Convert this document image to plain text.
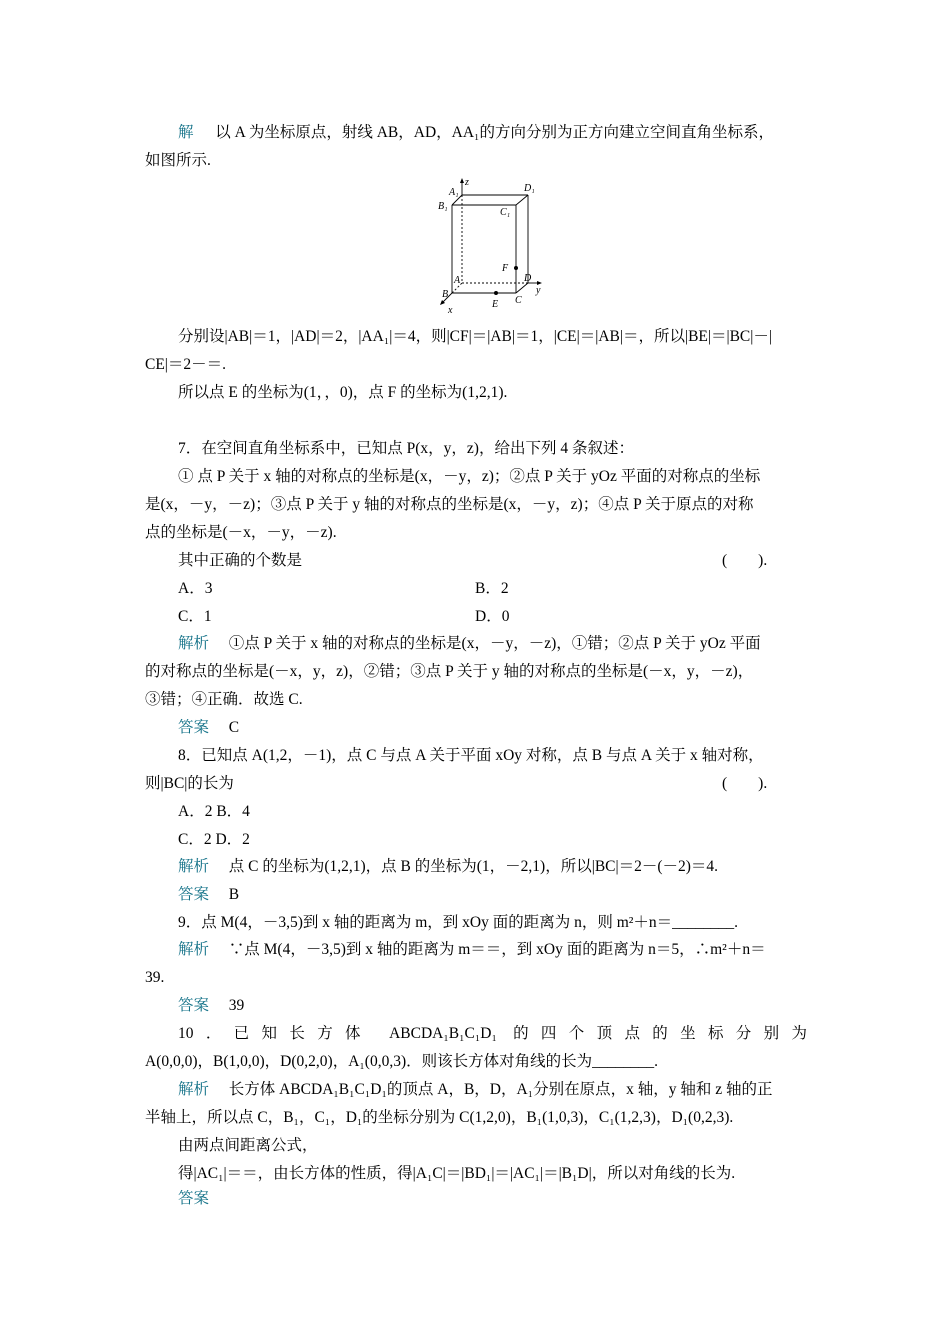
解 以 A 为坐标原点，射线 AB，AD，AA₁的方向分别为正方向建立空间直角坐标系，
如图所示.
A₁
z
D₁
B₁
C₁
F
A	D
y
B
E C
x
分别设|AB|＝1，|AD|＝2，|AA₁|＝4，则|CF|＝|AB|＝1，|CE|＝|AB|＝，所以|BE|＝|BC|－|
CE|＝2－＝.
所以点 E 的坐标为(1，，0)，点 F 的坐标为(1,2,1).
7．在空间直角坐标系中，已知点 P(x，y，z)，给出下列 4 条叙述：
① 点 P 关于 x 轴的对称点的坐标是(x，－y，z)；②点 P 关于 yOz 平面的对称点的坐标
是(x，－y，－z)；③点 P 关于 y 轴的对称点的坐标是(x，－y，z)；④点 P 关于原点的对称
点的坐标是(－x，－y，－z).
其中正确的个数是	(　　).
A．3	B．2
C．1	D．0
解析 ①点 P 关于 x 轴的对称点的坐标是(x，－y，－z)，①错；②点 P 关于 yOz 平面
的对称点的坐标是(－x，y，z)，②错；③点 P 关于 y 轴的对称点的坐标是(－x，y，－z)，
③错；④正确．故选 C.
答案 C
8．已知点 A(1,2，－1)，点 C 与点 A 关于平面 xOy 对称，点 B 与点 A 关于 x 轴对称，
则|BC|的长为	(　　).
A．2 B．4
C．2 D．2
解析 点 C 的坐标为(1,2,1)，点 B 的坐标为(1，－2,1)，所以|BC|＝2－(－2)＝4.
答案 B
9．点 M(4，－3,5)到 x 轴的距离为 m，到 xOy 面的距离为 n，则 m²＋n＝________.
解析 ∵点 M(4，－3,5)到 x 轴的距离为 m＝＝，到 xOy 面的距离为 n＝5，∴m²＋n＝
39.
答案 39
10．已知长方体 ABCDA₁B₁C₁D₁ 的四个顶点的坐标分别为
A(0,0,0)，B(1,0,0)，D(0,2,0)，A₁(0,0,3)．则该长方体对角线的长为________.
解析 长方体 ABCDA₁B₁C₁D₁的顶点 A，B，D，A₁分别在原点，x 轴，y 轴和 z 轴的正
半轴上，所以点 C，B₁，C₁，D₁的坐标分别为 C(1,2,0)，B₁(1,0,3)，C₁(1,2,3)，D₁(0,2,3).
由两点间距离公式，
得|AC₁|＝＝，由长方体的性质，得|A₁C|＝|BD₁|＝|AC₁|＝|B₁D|，所以对角线的长为.
答案
